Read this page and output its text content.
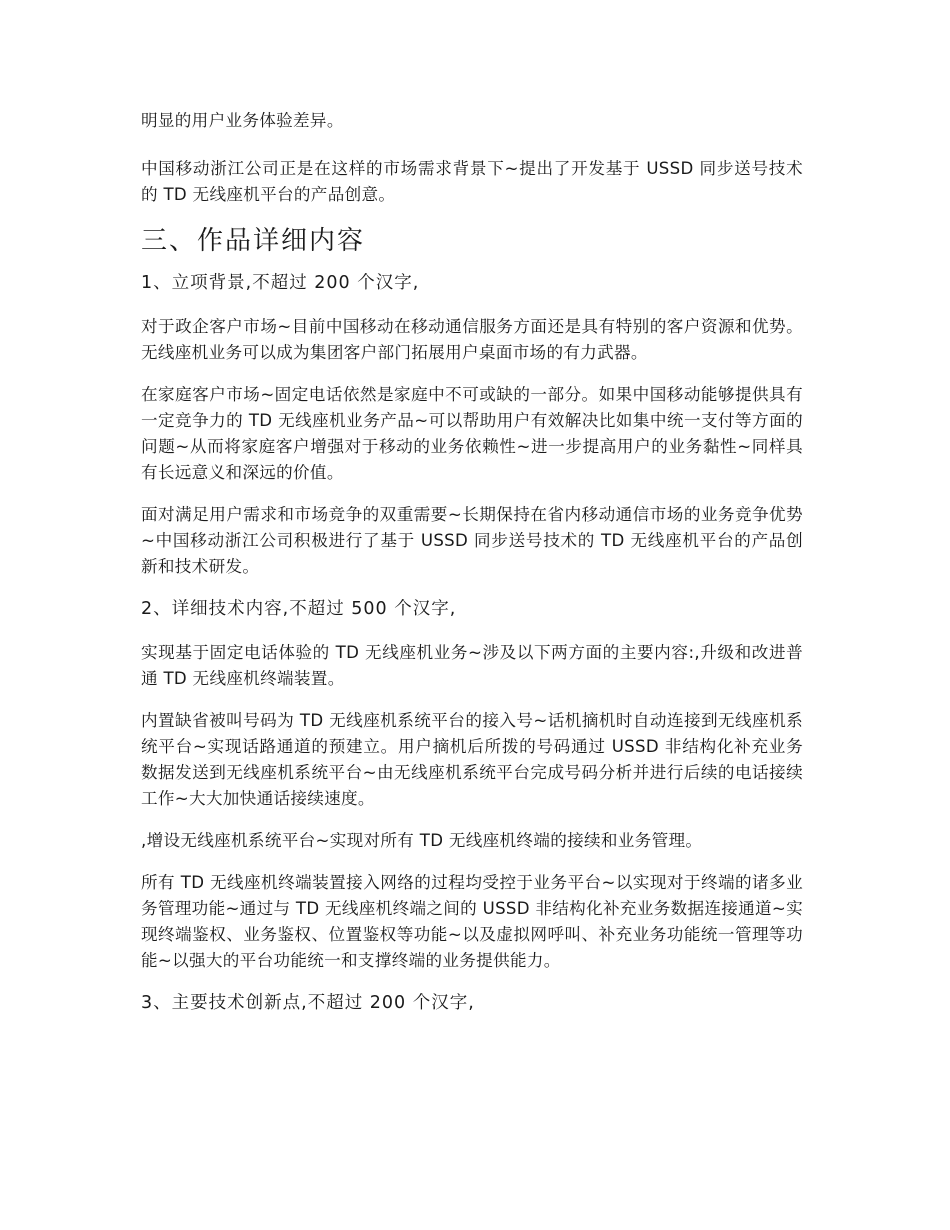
明显的用户业务体验差异。

中国移动浙江公司正是在这样的市场需求背景下~提出了开发基于 USSD 同步送号技术的 TD 无线座机平台的产品创意。

三、作品详细内容
1、立项背景,不超过 200 个汉字,

对于政企客户市场~目前中国移动在移动通信服务方面还是具有特别的客户资源和优势。无线座机业务可以成为集团客户部门拓展用户桌面市场的有力武器。

在家庭客户市场~固定电话依然是家庭中不可或缺的一部分。如果中国移动能够提供具有一定竞争力的 TD 无线座机业务产品~可以帮助用户有效解决比如集中统一支付等方面的问题~从而将家庭客户增强对于移动的业务依赖性~进一步提高用户的业务黏性~同样具有长远意义和深远的价值。

面对满足用户需求和市场竞争的双重需要~长期保持在省内移动通信市场的业务竞争优势~中国移动浙江公司积极进行了基于 USSD 同步送号技术的 TD 无线座机平台的产品创新和技术研发。

2、详细技术内容,不超过 500 个汉字,

实现基于固定电话体验的 TD 无线座机业务~涉及以下两方面的主要内容:,升级和改进普通 TD 无线座机终端装置。

内置缺省被叫号码为 TD 无线座机系统平台的接入号~话机摘机时自动连接到无线座机系统平台~实现话路通道的预建立。用户摘机后所拨的号码通过 USSD 非结构化补充业务数据发送到无线座机系统平台~由无线座机系统平台完成号码分析并进行后续的电话接续工作~大大加快通话接续速度。

,增设无线座机系统平台~实现对所有 TD 无线座机终端的接续和业务管理。

所有 TD 无线座机终端装置接入网络的过程均受控于业务平台~以实现对于终端的诸多业务管理功能~通过与 TD 无线座机终端之间的 USSD 非结构化补充业务数据连接通道~实现终端鉴权、业务鉴权、位置鉴权等功能~以及虚拟网呼叫、补充业务功能统一管理等功能~以强大的平台功能统一和支撑终端的业务提供能力。

3、主要技术创新点,不超过 200 个汉字,
